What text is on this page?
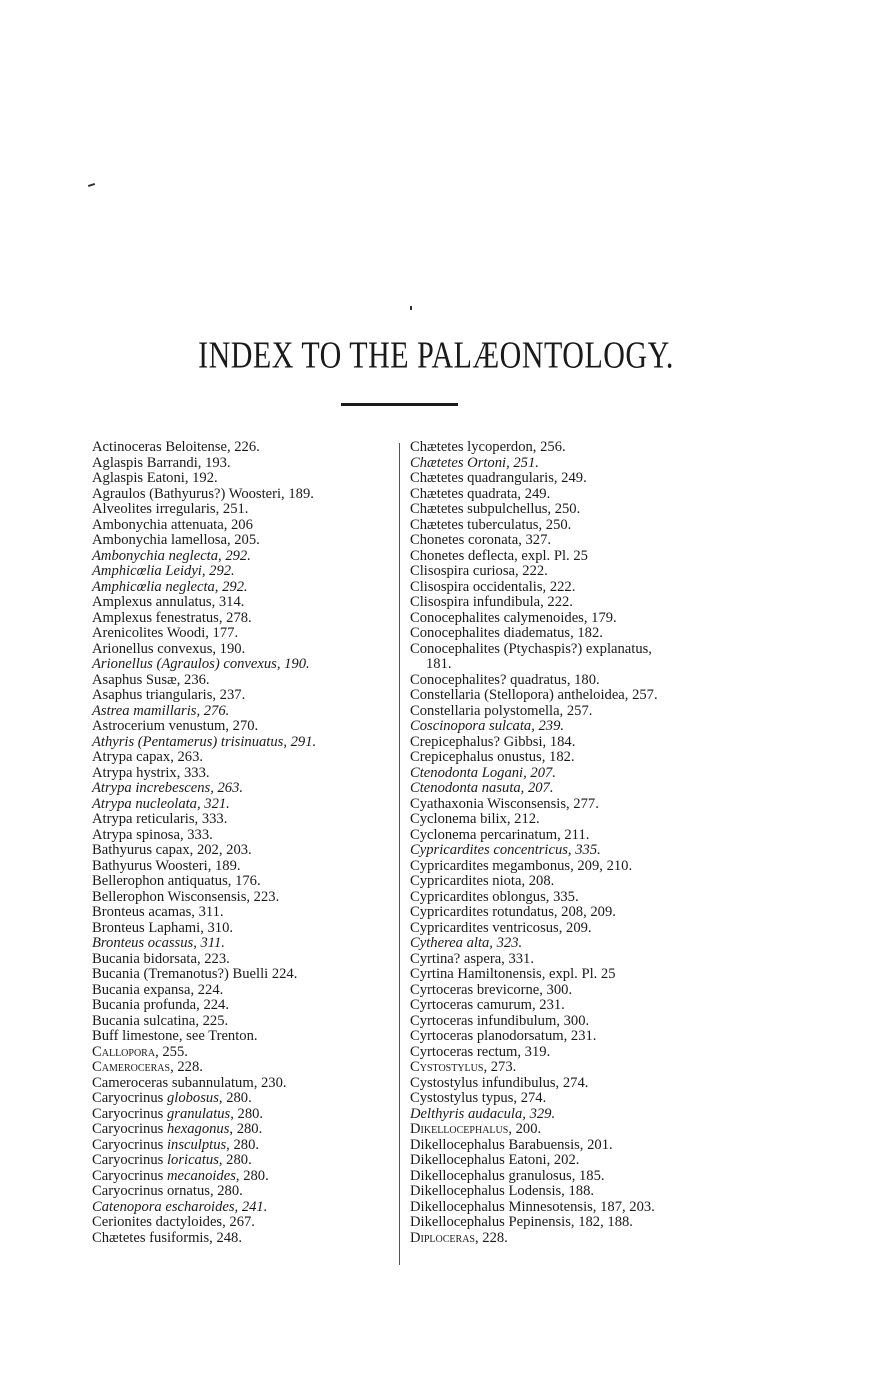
INDEX TO THE PALÆONTOLOGY.
Actinoceras Beloitense, 226.
Aglaspis Barrandi, 193.
Aglaspis Eatoni, 192.
Agraulos (Bathyurus?) Woosteri, 189.
Alveolites irregularis, 251.
Ambonychia attenuata, 206
Ambonychia lamellosa, 205.
Ambonychia neglecta, 292.
Amphicœlia Leidyi, 292.
Amphicœlia neglecta, 292.
Amplexus annulatus, 314.
Amplexus fenestratus, 278.
Arenicolites Woodi, 177.
Arionellus convexus, 190.
Arionellus (Agraulos) convexus, 190.
Asaphus Susæ, 236.
Asaphus triangularis, 237.
Astrea mamillaris, 276.
Astrocerium venustum, 270.
Athyris (Pentamerus) trisinuatus, 291.
Atrypa capax, 263.
Atrypa hystrix, 333.
Atrypa increbescens, 263.
Atrypa nucleolata, 321.
Atrypa reticularis, 333.
Atrypa spinosa, 333.
Bathyurus capax, 202, 203.
Bathyurus Woosteri, 189.
Bellerophon antiquatus, 176.
Bellerophon Wisconsensis, 223.
Bronteus acamas, 311.
Bronteus Laphami, 310.
Bronteus ocassus, 311.
Bucania bidorsata, 223.
Bucania (Tremanotus?) Buelli 224.
Bucania expansa, 224.
Bucania profunda, 224.
Bucania sulcatina, 225.
Buff limestone, see Trenton.
Callopora, 255.
Cameroceras, 228.
Cameroceras subannulatum, 230.
Caryocrinus globosus, 280.
Caryocrinus granulatus, 280.
Caryocrinus hexagonus, 280.
Caryocrinus insculptus, 280.
Caryocrinus loricatus, 280.
Caryocrinus mecanoides, 280.
Caryocrinus ornatus, 280.
Catenopora escharoides, 241.
Cerionites dactyloides, 267.
Chætetes fusiformis, 248.
Chætetes lycoperdon, 256.
Chætetes Ortoni, 251.
Chætetes quadrangularis, 249.
Chætetes quadrata, 249.
Chætetes subpulchellus, 250.
Chætetes tuberculatus, 250.
Chonetes coronata, 327.
Chonetes deflecta, expl. Pl. 25
Clisospira curiosa, 222.
Clisospira occidentalis, 222.
Clisospira infundibula, 222.
Conocephalites calymenoides, 179.
Conocephalites diadematus, 182.
Conocephalites (Ptychaspis?) explanatus,
181.
Conocephalites? quadratus, 180.
Constellaria (Stellopora) antheloidea, 257.
Constellaria polystomella, 257.
Coscinopora sulcata, 239.
Crepicephalus? Gibbsi, 184.
Crepicephalus onustus, 182.
Ctenodonta Logani, 207.
Ctenodonta nasuta, 207.
Cyathaxonia Wisconsensis, 277.
Cyclonema bilix, 212.
Cyclonema percarinatum, 211.
Cypricardites concentricus, 335.
Cypricardites megambonus, 209, 210.
Cypricardites niota, 208.
Cypricardites oblongus, 335.
Cypricardites rotundatus, 208, 209.
Cypricardites ventricosus, 209.
Cytherea alta, 323.
Cyrtina? aspera, 331.
Cyrtina Hamiltonensis, expl. Pl. 25
Cyrtoceras brevicorne, 300.
Cyrtoceras camurum, 231.
Cyrtoceras infundibulum, 300.
Cyrtoceras planodorsatum, 231.
Cyrtoceras rectum, 319.
Cystostylus, 273.
Cystostylus infundibulus, 274.
Cystostylus typus, 274.
Delthyris audacula, 329.
Dikellocephalus, 200.
Dikellocephalus Barabuensis, 201.
Dikellocephalus Eatoni, 202.
Dikellocephalus granulosus, 185.
Dikellocephalus Lodensis, 188.
Dikellocephalus Minnesotensis, 187, 203.
Dikellocephalus Pepinensis, 182, 188.
Diploceras, 228.
